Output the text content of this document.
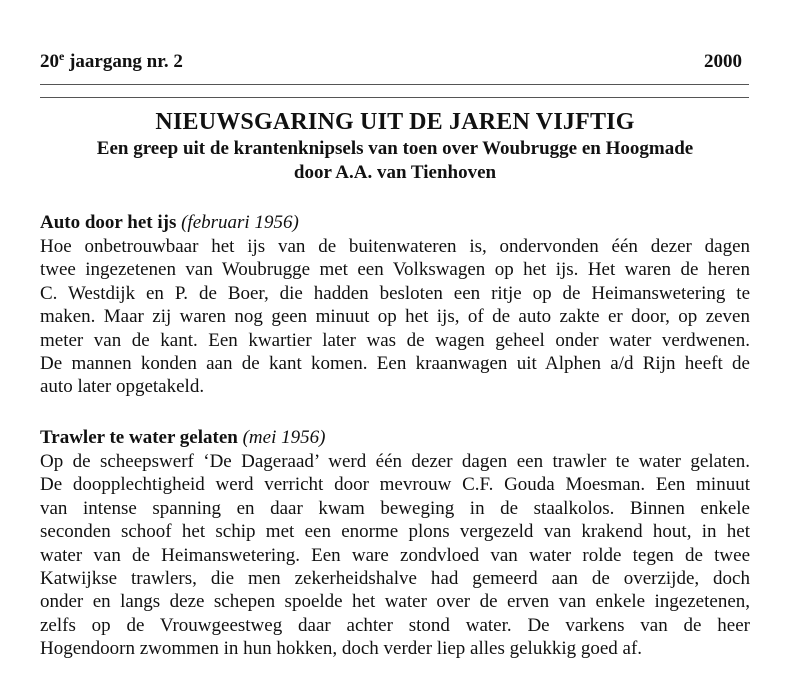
20e jaargang nr. 2	2000
NIEUWSGARING UIT DE JAREN VIJFTIG
Een greep uit de krantenknipsels van toen over Woubrugge en Hoogmade
door A.A. van Tienhoven
Auto door het ijs (februari 1956)
Hoe onbetrouwbaar het ijs van de buitenwateren is, ondervonden één dezer dagen
twee ingezetenen van Woubrugge met een Volkswagen op het ijs. Het waren de heren
C. Westdijk en P. de Boer, die hadden besloten een ritje op de Heimanswetering te
maken. Maar zij waren nog geen minuut op het ijs, of de auto zakte er door, op zeven
meter van de kant. Een kwartier later was de wagen geheel onder water verdwenen.
De mannen konden aan de kant komen. Een kraanwagen uit Alphen a/d Rijn heeft de
auto later opgetakeld.
Trawler te water gelaten (mei 1956)
Op de scheepswerf ‘De Dageraad’ werd één dezer dagen een trawler te water gelaten.
De doopplechtigheid werd verricht door mevrouw C.F. Gouda Moesman. Een minuut
van intense spanning en daar kwam beweging in de staalkolos. Binnen enkele
seconden schoof het schip met een enorme plons vergezeld van krakend hout, in het
water van de Heimanswetering. Een ware zondvloed van water rolde tegen de twee
Katwijkse trawlers, die men zekerheidshalve had gemeerd aan de overzijde, doch
onder en langs deze schepen spoelde het water over de erven van enkele ingezetenen,
zelfs op de Vrouwgeestweg daar achter stond water. De varkens van de heer
Hogendoorn zwommen in hun hokken, doch verder liep alles gelukkig goed af.
